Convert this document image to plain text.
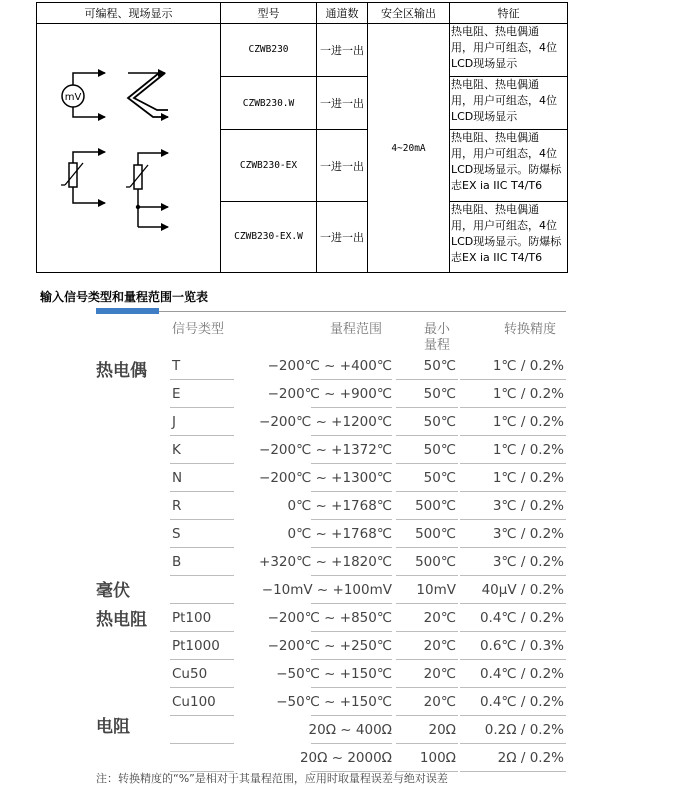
可编程、现场显示	型号	通道数	安全区输出	特征

mV	CZWB230	一进一出	4~20mA	热电阻、热电偶通
用，用户可组态，4位
LCD现场显示

	CZWB230.W	一进一出		热电阻、热电偶通
用，用户可组态，4位
LCD现场显示

	CZWB230-EX	一进一出		热电阻、热电偶通
用，用户可组态，4位
LCD现场显示。防爆标
志EX ia IIC T4/T6

	CZWB230-EX.W	一进一出		热电阻、热电偶通
用，用户可组态，4位
LCD现场显示。防爆标
志EX ia IIC T4/T6
输入信号类型和量程范围一览表
信号类型	量程范围	最小
量程
转换精度
热电偶
毫伏
热电阻
电阻
T	−200℃ ~ +400℃ 50℃	1℃ / 0.2%
E	−200℃ ~ +900℃ 50℃	1℃ / 0.2%
J	−200℃ ~ +1200℃ 50℃	1℃ / 0.2%
K	−200℃ ~ +1372℃ 50℃	1℃ / 0.2%
N	−200℃ ~ +1300℃ 50℃	1℃ / 0.2%
R	0℃ ~ +1768℃ 500℃	3℃ / 0.2%
S	0℃ ~ +1768℃ 500℃	3℃ / 0.2%
B	+320℃ ~ +1820℃ 500℃	3℃ / 0.2%
−10mV ~ +100mV 10mV 40μV / 0.2%
Pt100	−200℃ ~ +850℃ 20℃ 0.4℃ / 0.2%
Pt1000	−200℃ ~ +250℃ 20℃ 0.6℃ / 0.3%
Cu50	−50℃ ~ +150℃ 20℃ 0.4℃ / 0.2%
Cu100	−50℃ ~ +150℃ 20℃ 0.4℃ / 0.2%
20Ω ~ 400Ω	20Ω 0.2Ω / 0.2%
20Ω ~ 2000Ω 100Ω	2Ω / 0.2%
注：转换精度的“%”是相对于其量程范围，应用时取量程误差与绝对误差
